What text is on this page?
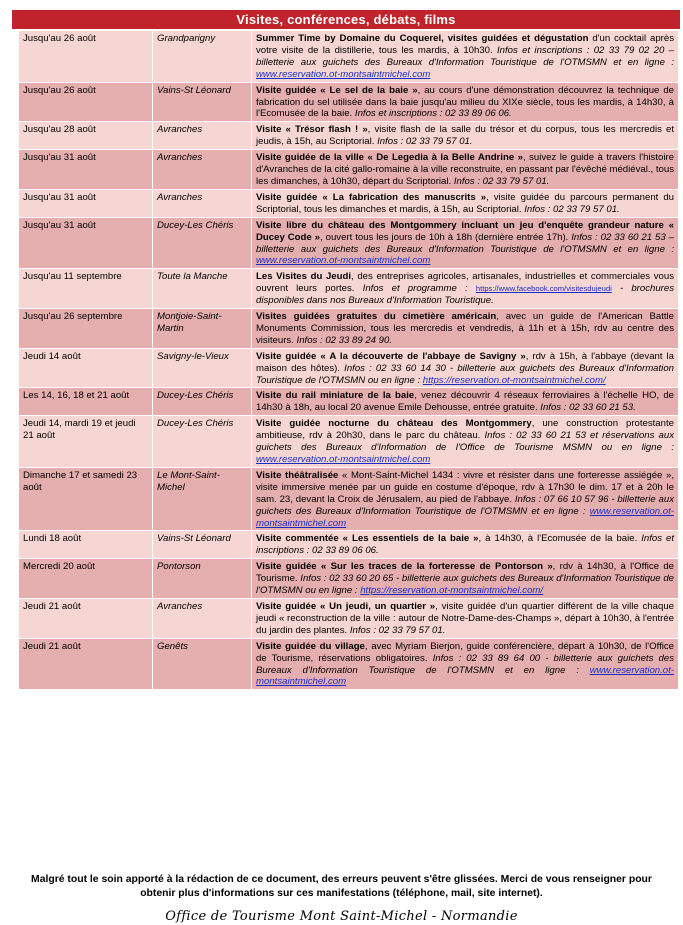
Visites, conférences, débats, films
Jusqu'au 26 août	Grandparigny	Summer Time by Domaine du Coquerel, visites guidées et dégustation d'un cocktail après votre visite de la distillerie, tous les mardis, à 10h30. Infos et inscriptions : 02 33 79 02 20 – billetterie aux guichets des Bureaux d'Information Touristique de l'OTMSMN et en ligne : www.reservation.ot-montsaintmichel.com
Jusqu'au 26 août	Vains-St Léonard	Visite guidée « Le sel de la baie », au cours d'une démonstration découvrez la technique de fabrication du sel utilisée dans la baie jusqu'au milieu du XIXe siècle, tous les mardis, à 14h30, à l'Ecomusée de la baie. Infos et inscriptions : 02 33 89 06 06.
Jusqu'au 28 août	Avranches	Visite « Trésor flash ! », visite flash de la salle du trésor et du corpus, tous les mercredis et jeudis, à 15h, au Scriptorial. Infos : 02 33 79 57 01.
Jusqu'au 31 août	Avranches	Visite guidée de la ville « De Legedia à la Belle Andrine », suivez le guide à travers l'histoire d'Avranches de la cité gallo-romaine à la ville reconstruite, en passant par l'évêché médiéval., tous les dimanches, à 10h30, départ du Scriptorial. Infos : 02 33 79 57 01.
Jusqu'au 31 août	Avranches	Visite guidée « La fabrication des manuscrits », visite guidée du parcours permanent du Scriptorial, tous les dimanches et mardis, à 15h, au Scriptorial. Infos : 02 33 79 57 01.
Jusqu'au 31 août	Ducey-Les Chéris	Visite libre du château des Montgommery incluant un jeu d'enquête grandeur nature « Ducey Code », ouvert tous les jours de 10h à 18h (dernière entrée 17h). Infos : 02 33 60 21 53 – billetterie aux guichets des Bureaux d'Information Touristique de l'OTMSMN et en ligne : www.reservation.ot-montsaintmichel.com
Jusqu'au 11 septembre	Toute la Manche	Les Visites du Jeudi, des entreprises agricoles, artisanales, industrielles et commerciales vous ouvrent leurs portes. Infos et programme : https://www.facebook.com/visitesdujeudi - brochures disponibles dans nos Bureaux d'Information Touristique.
Jusqu'au 26 septembre	Montjoie-Saint-Martin	Visites guidées gratuites du cimetière américain, avec un guide de l'American Battle Monuments Commission, tous les mercredis et vendredis, à 11h et à 15h, rdv au centre des visiteurs. Infos : 02 33 89 24 90.
Jeudi 14 août	Savigny-le-Vieux	Visite guidée « A la découverte de l'abbaye de Savigny », rdv à 15h, à l'abbaye (devant la maison des hôtes). Infos : 02 33 60 14 30 - billetterie aux guichets des Bureaux d'Information Touristique de l'OTMSMN ou en ligne : https://reservation.ot-montsaintmichel.com/
Les 14, 16, 18 et 21 août	Ducey-Les Chéris	Visite du rail miniature de la baie, venez découvrir 4 réseaux ferroviaires à l'échelle HO, de 14h30 à 18h, au local 20 avenue Emile Dehousse, entrée gratuite. Infos : 02 33 60 21 53.
Jeudi 14, mardi 19 et jeudi 21 août	Ducey-Les Chéris	Visite guidée nocturne du château des Montgommery, une construction protestante ambitieuse, rdv à 20h30, dans le parc du château. Infos : 02 33 60 21 53 et réservations aux guichets des Bureaux d'Information de l'Office de Tourisme MSMN ou en ligne : www.reservation.ot-montsaintmichel.com
Dimanche 17 et samedi 23 août	Le Mont-Saint-Michel	Visite théâtralisée « Mont-Saint-Michel 1434 : vivre et résister dans une forteresse assiégée », visite immersive menée par un guide en costume d'époque, rdv à 17h30 le dim. 17 et à 20h le sam. 23, devant la Croix de Jérusalem, au pied de l'abbaye. Infos : 07 66 10 57 96 - billetterie aux guichets des Bureaux d'Information Touristique de l'OTMSMN et en ligne : www.reservation.ot-montsaintmichel.com
Lundi 18 août	Vains-St Léonard	Visite commentée « Les essentiels de la baie », à 14h30, à l'Ecomusée de la baie. Infos et inscriptions : 02 33 89 06 06.
Mercredi 20 août	Pontorson	Visite guidée « Sur les traces de la forteresse de Pontorson », rdv à 14h30, à l'Office de Tourisme. Infos : 02 33 60 20 65 - billetterie aux guichets des Bureaux d'Information Touristique de l'OTMSMN ou en ligne : https://reservation.ot-montsaintmichel.com/
Jeudi 21 août	Avranches	Visite guidée « Un jeudi, un quartier », visite guidée d'un quartier différent de la ville chaque jeudi « reconstruction de la ville : autour de Notre-Dame-des-Champs », départ à 10h30, à l'entrée du jardin des plantes. Infos : 02 33 79 57 01.
Jeudi 21 août	Genêts	Visite guidée du village, avec Myriam Bierjon, guide conférencière, départ à 10h30, de l'Office de Tourisme, réservations obligatoires. Infos : 02 33 89 64 00 - billetterie aux guichets des Bureaux d'Information Touristique de l'OTMSMN et en ligne : www.reservation.ot-montsaintmichel.com
Malgré tout le soin apporté à la rédaction de ce document, des erreurs peuvent s'être glissées. Merci de vous renseigner pour obtenir plus d'informations sur ces manifestations (téléphone, mail, site internet).
Office de Tourisme Mont Saint-Michel - Normandie
